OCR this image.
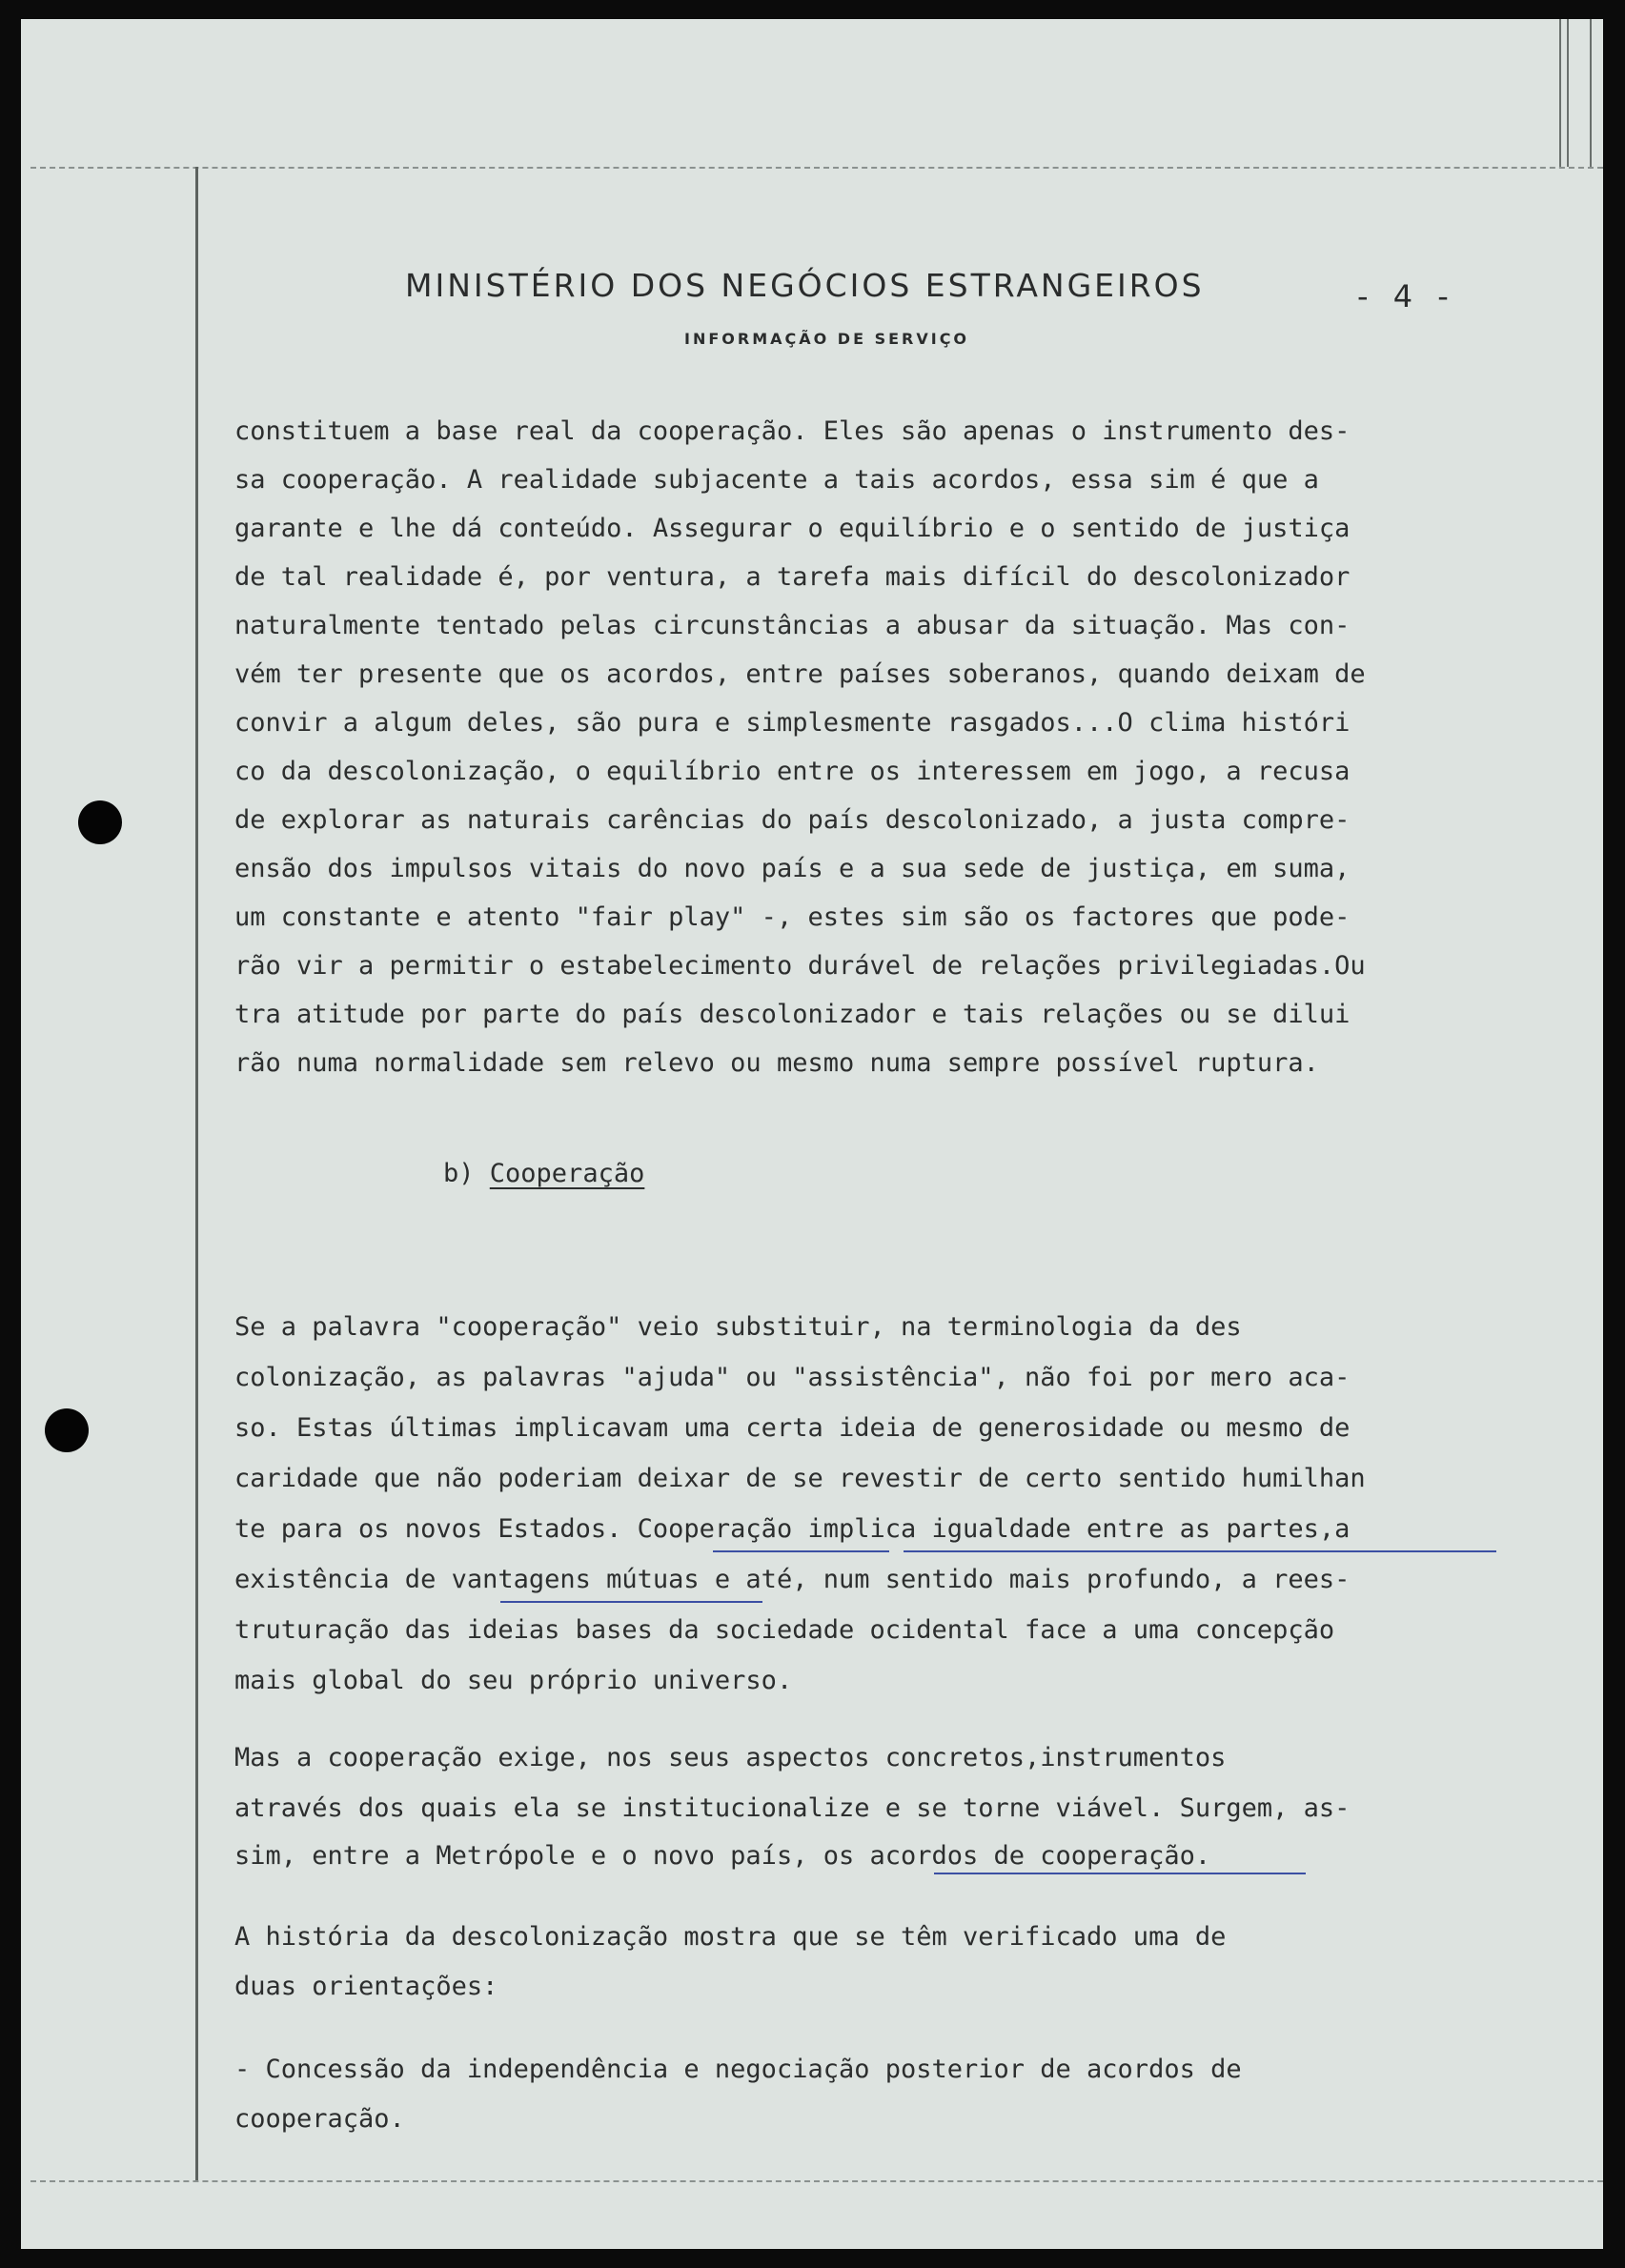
MINISTÉRIO DOS NEGÓCIOS ESTRANGEIROS	- 4 -
INFORMAÇÃO DE SERVIÇO
constituem a base real da cooperação. Eles são apenas o instrumento des-
sa cooperação. A realidade subjacente a tais acordos, essa sim é que a
garante e lhe dá conteúdo. Assegurar o equilíbrio e o sentido de justiça
de tal realidade é, por ventura, a tarefa mais difícil do descolonizador
naturalmente tentado pelas circunstâncias a abusar da situação. Mas con-
vém ter presente que os acordos, entre países soberanos, quando deixam de
convir a algum deles, são pura e simplesmente rasgados...O clima históri
co da descolonização, o equilíbrio entre os interessem em jogo, a recusa
de explorar as naturais carências do país descolonizado, a justa compre-
ensão dos impulsos vitais do novo país e a sua sede de justiça, em suma,
um constante e atento "fair play" -, estes sim são os factores que pode-
rão vir a permitir o estabelecimento durável de relações privilegiadas.Ou
tra atitude por parte do país descolonizador e tais relações ou se dilui
rão numa normalidade sem relevo ou mesmo numa sempre possível ruptura.
b) Cooperação
Se a palavra "cooperação" veio substituir, na terminologia da des
colonização, as palavras "ajuda" ou "assistência", não foi por mero aca-
so. Estas últimas implicavam uma certa ideia de generosidade ou mesmo de
caridade que não poderiam deixar de se revestir de certo sentido humilhan
te para os novos Estados. Cooperação implica igualdade entre as partes,a
existência de vantagens mútuas e até, num sentido mais profundo, a rees-
truturação das ideias bases da sociedade ocidental face a uma concepção
mais global do seu próprio universo.
Mas a cooperação exige, nos seus aspectos concretos,instrumentos
através dos quais ela se institucionalize e se torne viável. Surgem, as-
sim, entre a Metrópole e o novo país, os acordos de cooperação.
A história da descolonização mostra que se têm verificado uma de
duas orientações:
- Concessão da independência e negociação posterior de acordos de
cooperação.
